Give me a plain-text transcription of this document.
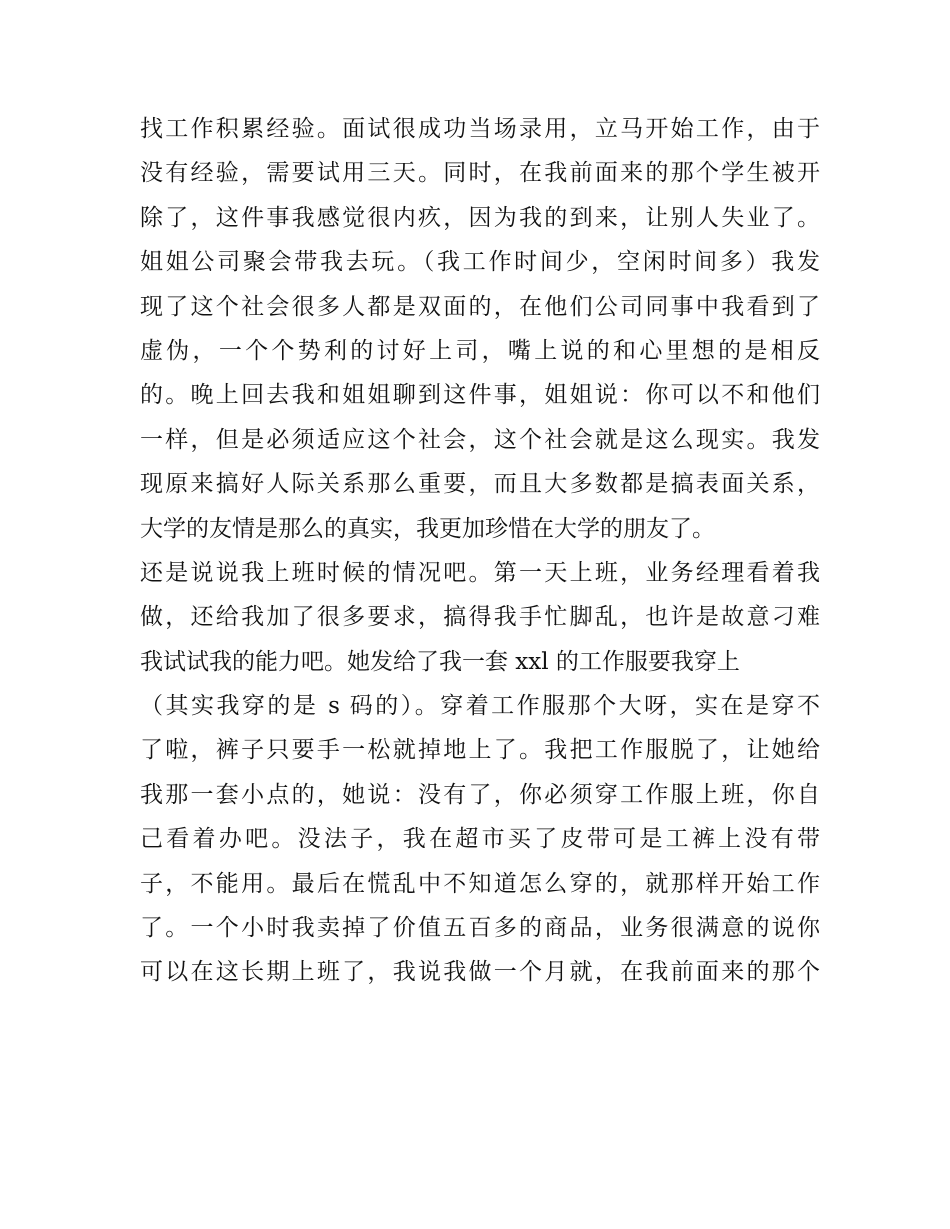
找工作积累经验。面试很成功当场录用，立马开始工作，由于
没有经验，需要试用三天。同时，在我前面来的那个学生被开
除了，这件事我感觉很内疚，因为我的到来，让别人失业了。
姐姐公司聚会带我去玩。（我工作时间少，空闲时间多）我发
现了这个社会很多人都是双面的，在他们公司同事中我看到了
虚伪，一个个势利的讨好上司，嘴上说的和心里想的是相反
的。晚上回去我和姐姐聊到这件事，姐姐说：你可以不和他们
一样，但是必须适应这个社会，这个社会就是这么现实。我发
现原来搞好人际关系那么重要，而且大多数都是搞表面关系，
大学的友情是那么的真实，我更加珍惜在大学的朋友了。
还是说说我上班时候的情况吧。第一天上班，业务经理看着我
做，还给我加了很多要求，搞得我手忙脚乱，也许是故意刁难
我试试我的能力吧。她发给了我一套 xxl 的工作服要我穿上
（其实我穿的是 s 码的）。穿着工作服那个大呀，实在是穿不
了啦，裤子只要手一松就掉地上了。我把工作服脱了，让她给
我那一套小点的，她说：没有了，你必须穿工作服上班，你自
己看着办吧。没法子，我在超市买了皮带可是工裤上没有带
子，不能用。最后在慌乱中不知道怎么穿的，就那样开始工作
了。一个小时我卖掉了价值五百多的商品，业务很满意的说你
可以在这长期上班了，我说我做一个月就，在我前面来的那个
